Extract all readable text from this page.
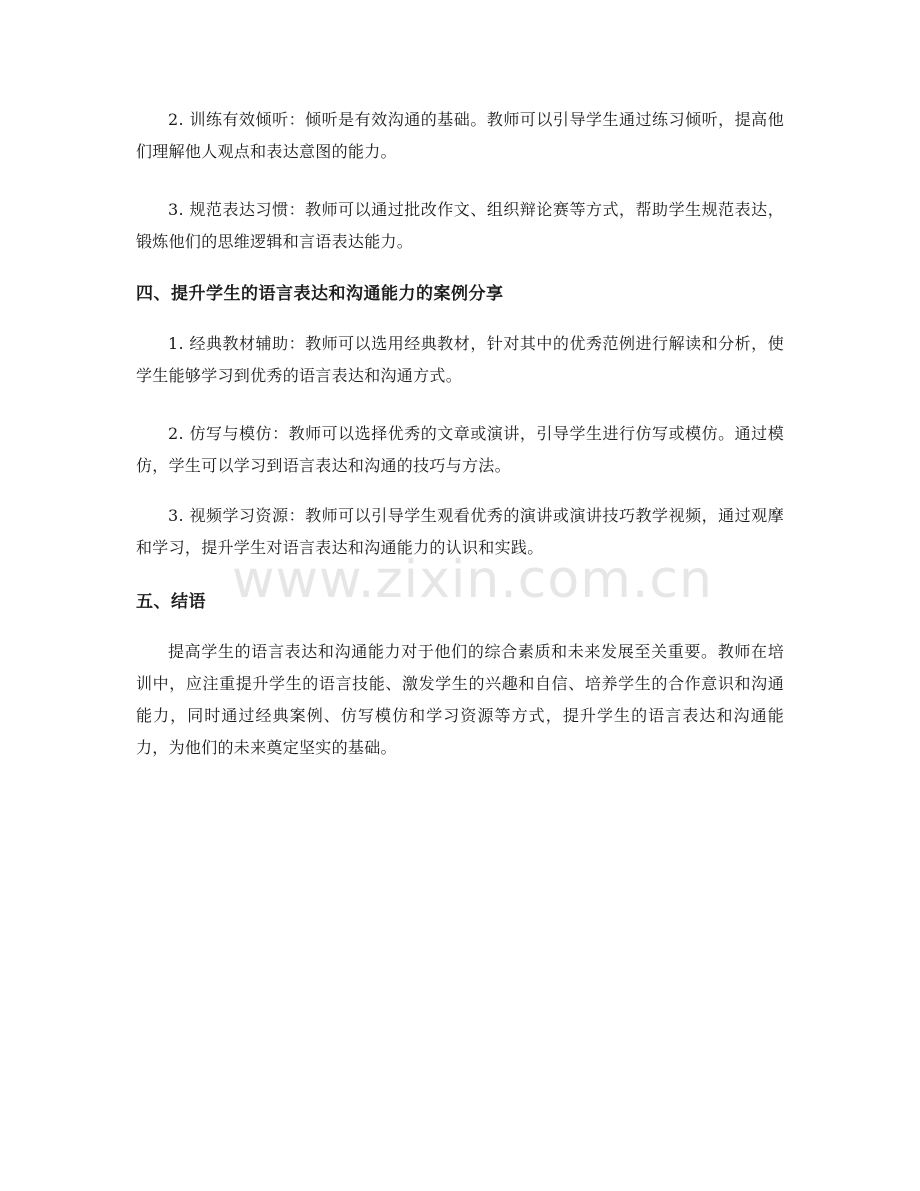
2. 训练有效倾听：倾听是有效沟通的基础。教师可以引导学生通过练习倾听，提高他们理解他人观点和表达意图的能力。

3. 规范表达习惯：教师可以通过批改作文、组织辩论赛等方式，帮助学生规范表达，锻炼他们的思维逻辑和言语表达能力。

四、提升学生的语言表达和沟通能力的案例分享

1. 经典教材辅助：教师可以选用经典教材，针对其中的优秀范例进行解读和分析，使学生能够学习到优秀的语言表达和沟通方式。

2. 仿写与模仿：教师可以选择优秀的文章或演讲，引导学生进行仿写或模仿。通过模仿，学生可以学习到语言表达和沟通的技巧与方法。

3. 视频学习资源：教师可以引导学生观看优秀的演讲或演讲技巧教学视频，通过观摩和学习，提升学生对语言表达和沟通能力的认识和实践。

五、结语

提高学生的语言表达和沟通能力对于他们的综合素质和未来发展至关重要。教师在培训中，应注重提升学生的语言技能、激发学生的兴趣和自信、培养学生的合作意识和沟通能力，同时通过经典案例、仿写模仿和学习资源等方式，提升学生的语言表达和沟通能力，为他们的未来奠定坚实的基础。

www.zixin.com.cn
